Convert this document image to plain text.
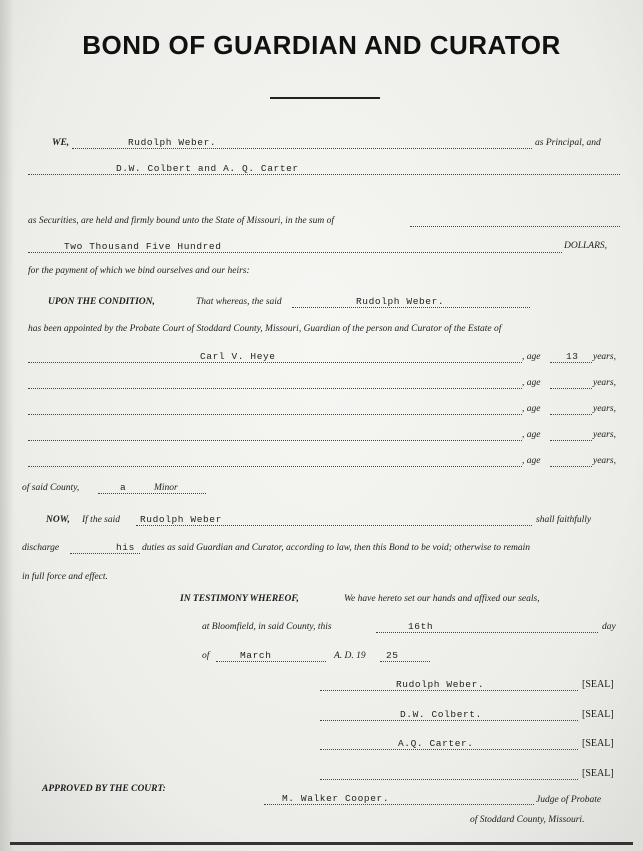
BOND OF GUARDIAN AND CURATOR
WE,	Rudolph Weber.	as Principal, and
D.W. Colbert and A. Q. Carter
as Securities, are held and firmly bound unto the State of Missouri, in the sum of
Two Thousand Five Hundred	DOLLARS,
for the payment of which we bind ourselves and our heirs:
UPON THE CONDITION,	That whereas, the said	Rudolph Weber.
has been appointed by the Probate Court of Stoddard County, Missouri, Guardian of the person and Curator of the Estate of
Carl V. Heye	, age	13 years,
, age	years,
, age	years,
, age	years,
, age	years,
of said County,	a	Minor
NOW, If the said Rudolph Weber	shall faithfully
discharge	his duties as said Guardian and Curator, according to law, then this Bond to be void; otherwise to remain
in full force and effect.
IN TESTIMONY WHEREOF,	We have hereto set our hands and affixed our seals,
at Bloomfield, in said County, this	16th	day
of	March	A. D. 19 25
Rudolph Weber.	[SEAL]
D.W. Colbert.	[SEAL]
A.Q. Carter.	[SEAL]
[SEAL]
APPROVED BY THE COURT:
M. Walker Cooper.	Judge of Probate
of Stoddard County, Missouri.
